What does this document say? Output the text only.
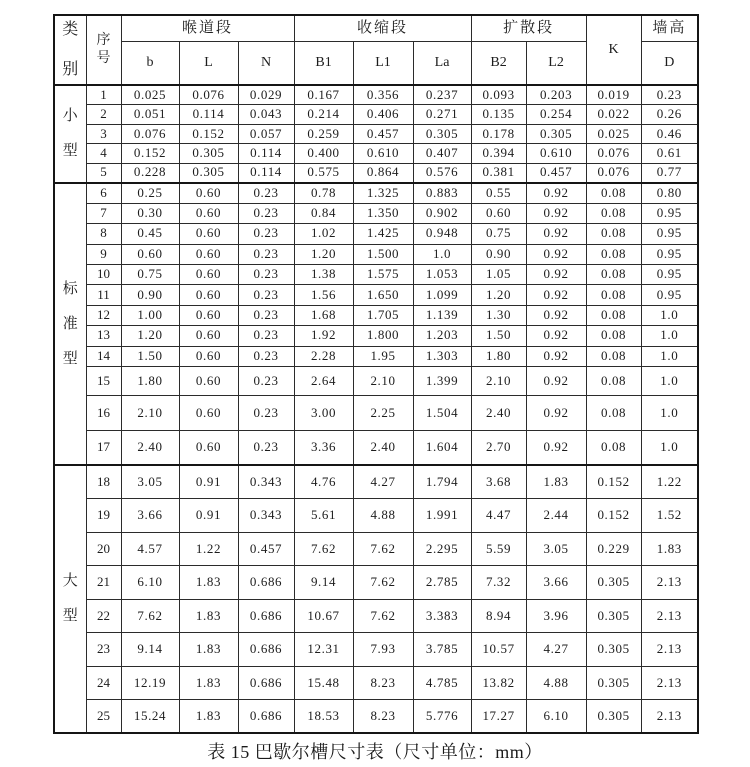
类
别	序
号	喉道段			收缩段			扩散段		K	墙高
		b	L	N	B1	L1	La	B2	L2		D

小
型	1	0.025	0.076	0.029	0.167	0.356	0.237	0.093	0.203	0.019	0.23
	2	0.051	0.114	0.043	0.214	0.406	0.271	0.135	0.254	0.022	0.26
	3	0.076	0.152	0.057	0.259	0.457	0.305	0.178	0.305	0.025	0.46
	4	0.152	0.305	0.114	0.400	0.610	0.407	0.394	0.610	0.076	0.61
	5	0.228	0.305	0.114	0.575	0.864	0.576	0.381	0.457	0.076	0.77

标
准
型	6	0.25	0.60	0.23	0.78	1.325	0.883	0.55	0.92	0.08	0.80
	7	0.30	0.60	0.23	0.84	1.350	0.902	0.60	0.92	0.08	0.95
	8	0.45	0.60	0.23	1.02	1.425	0.948	0.75	0.92	0.08	0.95
	9	0.60	0.60	0.23	1.20	1.500	1.0	0.90	0.92	0.08	0.95
	10	0.75	0.60	0.23	1.38	1.575	1.053	1.05	0.92	0.08	0.95
	11	0.90	0.60	0.23	1.56	1.650	1.099	1.20	0.92	0.08	0.95
	12	1.00	0.60	0.23	1.68	1.705	1.139	1.30	0.92	0.08	1.0
	13	1.20	0.60	0.23	1.92	1.800	1.203	1.50	0.92	0.08	1.0
	14	1.50	0.60	0.23	2.28	1.95	1.303	1.80	0.92	0.08	1.0
	15	1.80	0.60	0.23	2.64	2.10	1.399	2.10	0.92	0.08	1.0
	16	2.10	0.60	0.23	3.00	2.25	1.504	2.40	0.92	0.08	1.0
	17	2.40	0.60	0.23	3.36	2.40	1.604	2.70	0.92	0.08	1.0

大
型	18	3.05	0.91	0.343	4.76	4.27	1.794	3.68	1.83	0.152	1.22
	19	3.66	0.91	0.343	5.61	4.88	1.991	4.47	2.44	0.152	1.52
	20	4.57	1.22	0.457	7.62	7.62	2.295	5.59	3.05	0.229	1.83
	21	6.10	1.83	0.686	9.14	7.62	2.785	7.32	3.66	0.305	2.13
	22	7.62	1.83	0.686	10.67	7.62	3.383	8.94	3.96	0.305	2.13
	23	9.14	1.83	0.686	12.31	7.93	3.785	10.57	4.27	0.305	2.13
	24	12.19	1.83	0.686	15.48	8.23	4.785	13.82	4.88	0.305	2.13
	25	15.24	1.83	0.686	18.53	8.23	5.776	17.27	6.10	0.305	2.13
表 15 巴歇尔槽尺寸表（尺寸单位：mm）
